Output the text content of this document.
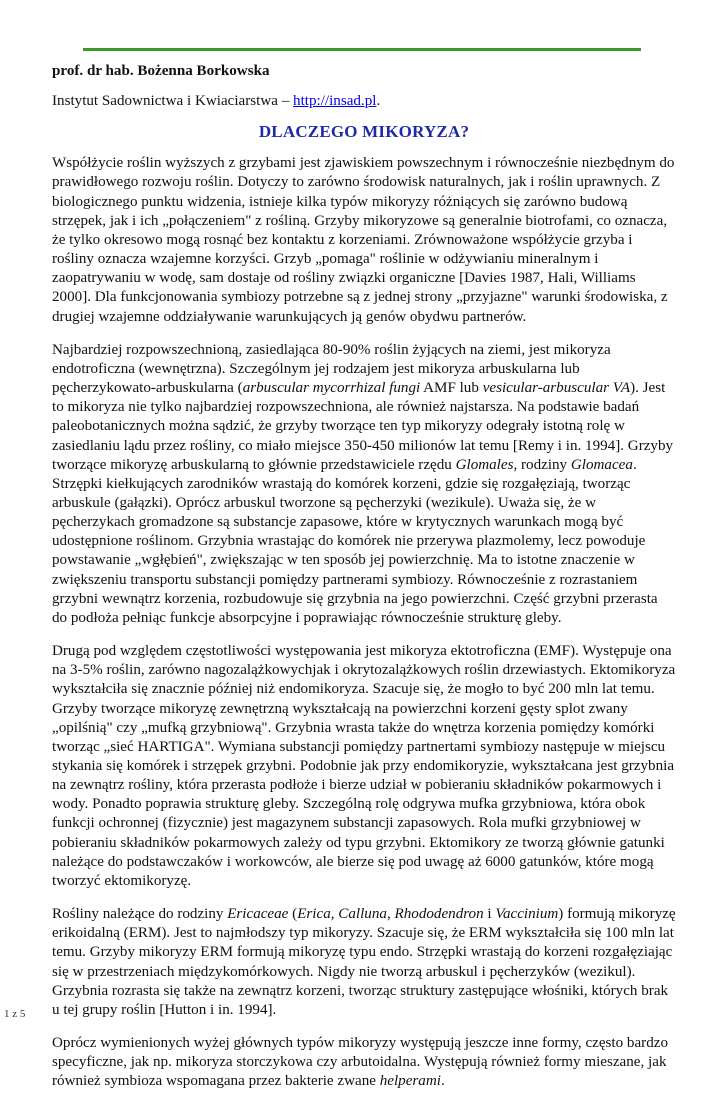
prof. dr hab. Bożenna Borkowska
Instytut Sadownictwa i Kwiaciarstwa – http://insad.pl.
DLACZEGO MIKORYZA?

Współżycie roślin wyższych z grzybami jest zjawiskiem powszechnym i równocześnie niezbędnym do prawidłowego rozwoju roślin. Dotyczy to zarówno środowisk naturalnych, jak i roślin uprawnych. Z biologicznego punktu widzenia, istnieje kilka typów mikoryzy różniących się zarówno budową strzępek, jak i ich „połączeniem" z rośliną. Grzyby mikoryzowe są generalnie biotrofami, co oznacza, że tylko okresowo mogą rosnąć bez kontaktu z korzeniami. Zrównoważone współżycie grzyba i rośliny oznacza wzajemne korzyści. Grzyb „pomaga" roślinie w odżywianiu mineralnym i zaopatrywaniu w wodę, sam dostaje od rośliny związki organiczne [Davies 1987, Hali, Williams 2000]. Dla funkcjonowania symbiozy potrzebne są z jednej strony „przyjazne" warunki środowiska, z drugiej wzajemne oddziaływanie warunkujących ją genów obydwu partnerów.

Najbardziej rozpowszechnioną, zasiedlająca 80-90% roślin żyjących na ziemi, jest mikoryza endotroficzna (wewnętrzna). Szczególnym jej rodzajem jest mikoryza arbuskularna lub pęcherzykowato-arbuskularna (arbuscular mycorrhizal fungi AMF lub vesicular-arbuscular VA). Jest to mikoryza nie tylko najbardziej rozpowszechniona, ale również najstarsza. Na podstawie badań paleobotanicznych można sądzić, że grzyby tworzące ten typ mikoryzy odegrały istotną rolę w zasiedlaniu lądu przez rośliny, co miało miejsce 350-450 milionów lat temu [Remy i in. 1994]. Grzyby tworzące mikoryzę arbuskularną to głównie przedstawiciele rzędu Glomales, rodziny Glomacea. Strzępki kiełkujących zarodników wrastają do komórek korzeni, gdzie się rozgałęziają, tworząc arbuskule (gałązki). Oprócz arbuskul tworzone są pęcherzyki (wezikule). Uważa się, że w pęcherzykach gromadzone są substancje zapasowe, które w krytycznych warunkach mogą być udostępnione roślinom. Grzybnia wrastając do komórek nie przerywa plazmolemy, lecz powoduje powstawanie „wgłębień", zwiększając w ten sposób jej powierzchnię. Ma to istotne znaczenie w zwiększeniu transportu substancji pomiędzy partnerami symbiozy. Równocześnie z rozrastaniem grzybni wewnątrz korzenia, rozbudowuje się grzybnia na jego powierzchni. Część grzybni przerasta do podłoża pełniąc funkcje absorpcyjne i poprawiając równocześnie strukturę gleby.

Drugą pod względem częstotliwości występowania jest mikoryza ektotroficzna (EMF). Występuje ona na 3-5% roślin, zarówno nagozalążkowychjak i okrytozalążkowych roślin drzewiastych. Ektomikoryza wykształciła się znacznie później niż endomikoryza. Szacuje się, że mogło to być 200 mln lat temu. Grzyby tworzące mikoryzę zewnętrzną wykształcają na powierzchni korzeni gęsty splot zwany „opilśnią" czy „mufką grzybniową". Grzybnia wrasta także do wnętrza korzenia pomiędzy komórki tworząc „sieć HARTIGA". Wymiana substancji pomiędzy partnertami symbiozy następuje w miejscu stykania się komórek i strzępek grzybni. Podobnie jak przy endomikoryzie, wykształcana jest grzybnia na zewnątrz rośliny, która przerasta podłoże i bierze udział w pobieraniu składników pokarmowych i wody. Ponadto poprawia strukturę gleby. Szczególną rolę odgrywa mufka grzybniowa, która obok funkcji ochronnej (fizycznie) jest magazynem substancji zapasowych. Rola mufki grzybniowej w pobieraniu składników pokarmowych zależy od typu grzybni. Ektomikory ze tworzą głównie gatunki należące do podstawczaków i workowców, ale bierze się pod uwagę aż 6000 gatunków, które mogą tworzyć ektomikoryzę.

Rośliny należące do rodziny Ericaceae (Erica, Calluna, Rhododendron i Vaccinium) formują mikoryzę erikoidalną (ERM). Jest to najmłodszy typ mikoryzy. Szacuje się, że ERM wykształciła się 100 mln lat temu. Grzyby mikoryzy ERM formują mikoryzę typu endo. Strzępki wrastają do korzeni rozgałęziając się w przestrzeniach międzykomórkowych. Nigdy nie tworzą arbuskul i pęcherzyków (wezikul). Grzybnia rozrasta się także na zewnątrz korzeni, tworząc struktury zastępujące włośniki, których brak u tej grupy roślin [Hutton i in. 1994].

Oprócz wymienionych wyżej głównych typów mikoryzy występują jeszcze inne formy, często bardzo specyficzne, jak np. mikoryza storczykowa czy arbutoidalna. Występują również formy mieszane, jak również symbioza wspomagana przez bakterie zwane helperami.

1 z 5
